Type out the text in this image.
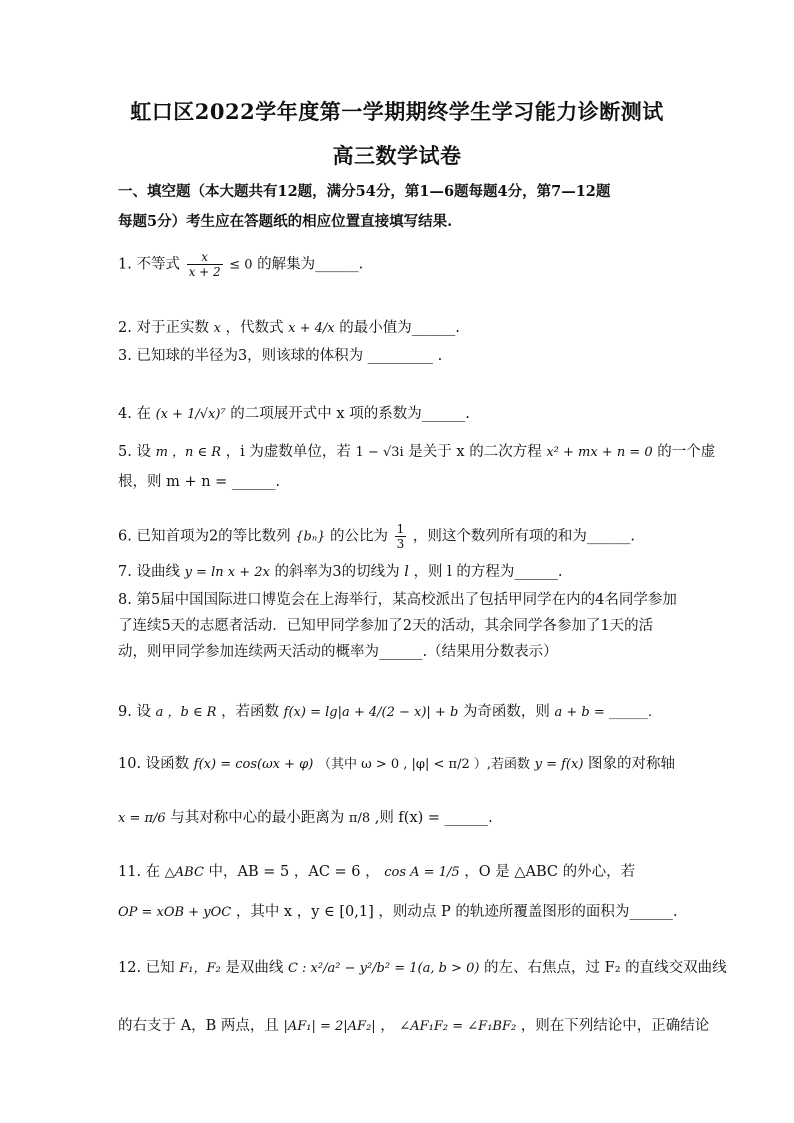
虹口区2022学年度第一学期期终学生学习能力诊断测试
高三数学试卷
一、填空题（本大题共有12题，满分54分，第1—6题每题4分，第7—12题
每题5分）考生应在答题纸的相应位置直接填写结果.
1. 不等式 $\frac{x}{x + 2} \le 0$ 的解集为______.
2. 对于正实数 x ，代数式 x + 4/x 的最小值为______.
3. 已知球的半径为3，则该球的体积为 _________ .
4. 在 (x + 1/√x)⁷ 的二项展开式中 x 项的系数为______.
5. 设 m ，n ∈ R ，i 为虚数单位，若 1 − √3i 是关于 x 的二次方程 x² + mx + n = 0 的一个虚
根，则 m + n = ______.
6. 已知首项为2的等比数列 {bₙ} 的公比为 $\frac{1}{3}$ ，则这个数列所有项的和为______.
7. 设曲线 y = ln x + 2x 的斜率为3的切线为 l ，则 l 的方程为______.
8. 第5届中国国际进口博览会在上海举行，某高校派出了包括甲同学在内的4名同学参加
了连续5天的志愿者活动．已知甲同学参加了2天的活动，其余同学各参加了1天的活
动，则甲同学参加连续两天活动的概率为______.（结果用分数表示）
9. 设 a ，b ∈ R ，若函数 f(x) = lg|a + 4/(2 − x)| + b 为奇函数，则 a + b = ______.
10. 设函数 f(x) = cos(ωx + φ) （其中 ω > 0 , |φ| < π/2 ）,若函数 y = f(x) 图象的对称轴
x = π/6 与其对称中心的最小距离为 π/8 ,则 f(x) = ______.
11. 在 △ABC 中，AB = 5 ，AC = 6 ， cos A = 1/5 ，O 是 △ABC 的外心，若
OP = xOB + yOC ，其中 x ，y ∈ [0,1] ，则动点 P 的轨迹所覆盖图形的面积为______.
12. 已知 F₁，F₂ 是双曲线 C : x²/a² − y²/b² = 1(a, b > 0) 的左、右焦点，过 F₂ 的直线交双曲线
的右支于 A，B 两点，且 |AF₁| = 2|AF₂| ， ∠AF₁F₂ = ∠F₁BF₂ ，则在下列结论中，正确结论
